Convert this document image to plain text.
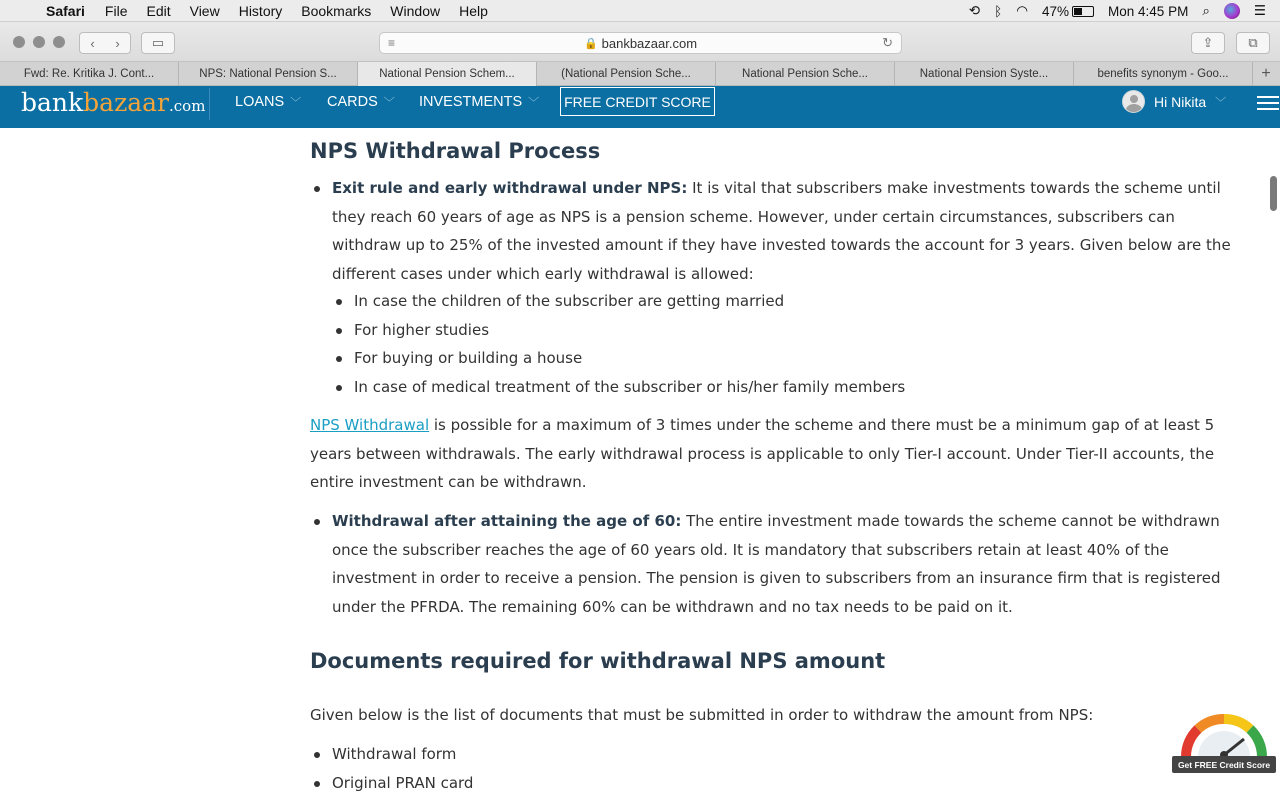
Safari File Edit View History Bookmarks Window Help	⟲ ᛒ ◠ 47%	Mon 4:45 PM ⌕	☰
‹	›	▭	≡	🔒 bankbazaar.com	↻	⇪	⧉
Fwd: Re. Kritika J. Cont...	NPS: National Pension S...	National Pension Schem...	(National Pension Sche...	National Pension Sche...	National Pension Syste...	benefits synonym - Goo...	+
bankbazaar.com LOANS ﹀ CARDS ﹀ INVESTMENTS ﹀ FREE CREDIT SCORE	Hi Nikita ﹀
NPS Withdrawal Process
Exit rule and early withdrawal under NPS: It is vital that subscribers make investments towards the scheme until they reach 60 years of age as NPS is a pension scheme. However, under certain circumstances, subscribers can withdraw up to 25% of the invested amount if they have invested towards the account for 3 years. Given below are the different cases under which early withdrawal is allowed:
In case the children of the subscriber are getting married
For higher studies
For buying or building a house
In case of medical treatment of the subscriber or his/her family members

NPS Withdrawal is possible for a maximum of 3 times under the scheme and there must be a minimum gap of at least 5 years between withdrawals. The early withdrawal process is applicable to only Tier-I account. Under Tier-II accounts, the entire investment can be withdrawn.

Withdrawal after attaining the age of 60: The entire investment made towards the scheme cannot be withdrawn once the subscriber reaches the age of 60 years old. It is mandatory that subscribers retain at least 40% of the investment in order to receive a pension. The pension is given to subscribers from an insurance firm that is registered under the PFRDA. The remaining 60% can be withdrawn and no tax needs to be paid on it.
Documents required for withdrawal NPS amount

Given below is the list of documents that must be submitted in order to withdraw the amount from NPS:

Withdrawal form
Original PRAN card
Get FREE Credit Score
